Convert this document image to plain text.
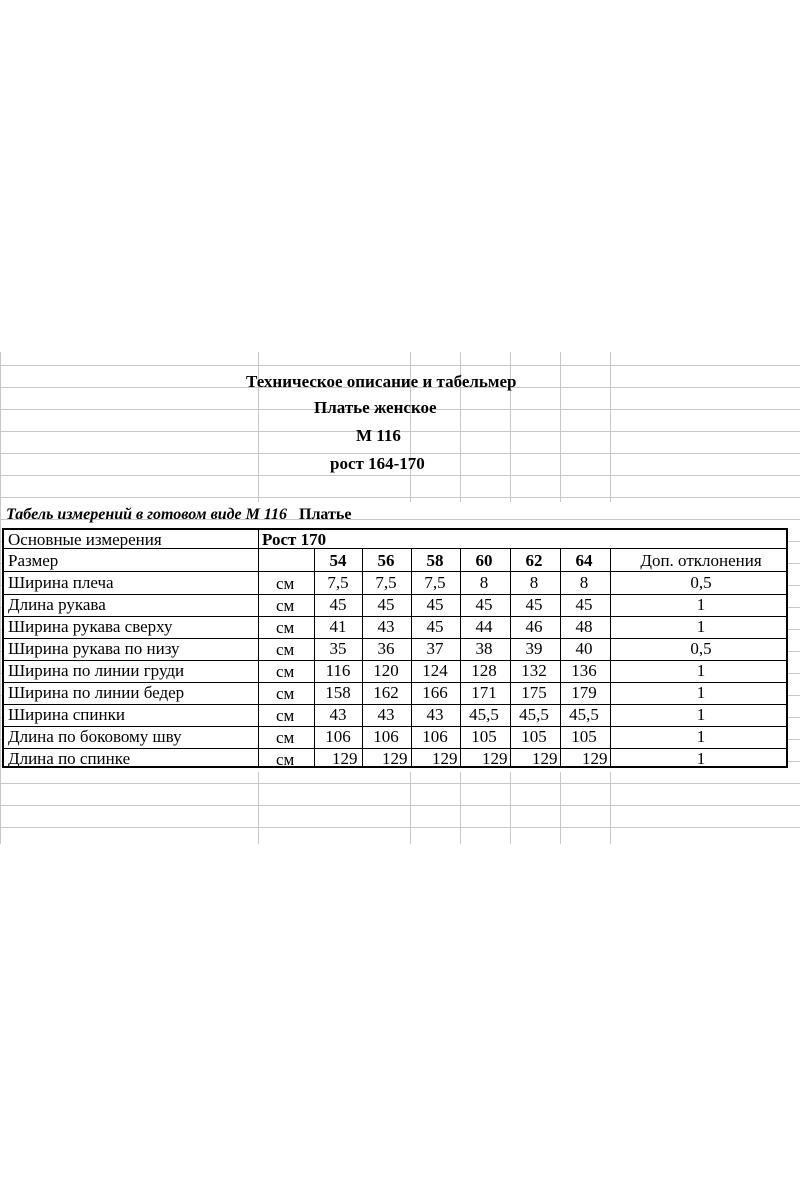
Техническое описание и табельмер
Платье женское
М 116
рост 164-170
Табель измерений в готовом виде М 116 Платье
Основные измерения	Рост 170
Размер	54	56	58	60	62	64	Доп. отклонения
Ширина плеча	см	7,5	7,5	7,5	8	8	8	0,5
Длина рукава	см	45	45	45	45	45	45	1
Ширина рукава сверху	см	41	43	45	44	46	48	1
Ширина рукава по низу	см	35	36	37	38	39	40	0,5
Ширина по линии груди	см	116	120	124	128	132	136	1
Ширина по линии бедер	см	158	162	166	171	175	179	1
Ширина спинки	см	43	43	43	45,5	45,5	45,5	1
Длина по боковому шву	см	106	106	106	105	105	105	1
Длина по спинке	см 129 129 129 129 129 129	1
